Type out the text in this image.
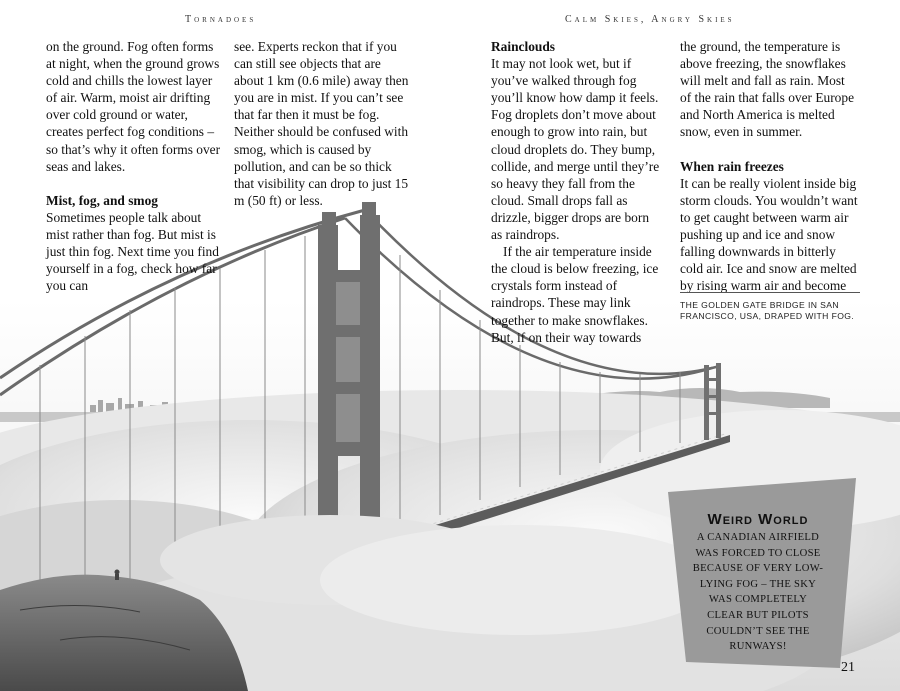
Tornadoes	Calm Skies, Angry Skies

on the ground. Fog often forms at night, when the ground grows cold and chills the lowest layer of air. Warm, moist air drifting over cold ground or water, creates perfect fog conditions – so that’s why it often forms over seas and lakes.

Mist, fog, and smog

Sometimes people talk about mist rather than fog. But mist is just thin fog. Next time you find yourself in a fog, check how far you can

see. Experts reckon that if you can still see objects that are about 1 km (0.6 mile) away then you are in mist. If you can’t see that far then it must be fog. Neither should be confused with smog, which is caused by pollution, and can be so thick that visibility can drop to just 15 m (50 ft) or less.

Rainclouds

It may not look wet, but if you’ve walked through fog you’ll know how damp it feels. Fog droplets don’t move about enough to grow into rain, but cloud droplets do. They bump, collide, and merge until they’re so heavy they fall from the cloud. Small drops fall as drizzle, bigger drops are born as raindrops.

If the air temperature inside the cloud is below freezing, ice crystals form instead of raindrops. These may link together to make snowflakes. But, if on their way towards

the ground, the temperature is above freezing, the snowflakes will melt and fall as rain. Most of the rain that falls over Europe and North America is melted snow, even in summer.

When rain freezes

It can be really violent inside big storm clouds. You wouldn’t want to get caught between warm air pushing up and ice and snow falling downwards in bitterly cold air. Ice and snow are melted by rising warm air and become

THE GOLDEN GATE BRIDGE IN SAN FRANCISCO, USA, DRAPED WITH FOG.
Weird World
A CANADIAN AIRFIELD WAS FORCED TO CLOSE BECAUSE OF VERY LOW-LYING FOG – THE SKY WAS COMPLETELY CLEAR BUT PILOTS COULDN’T SEE THE RUNWAYS!
21
